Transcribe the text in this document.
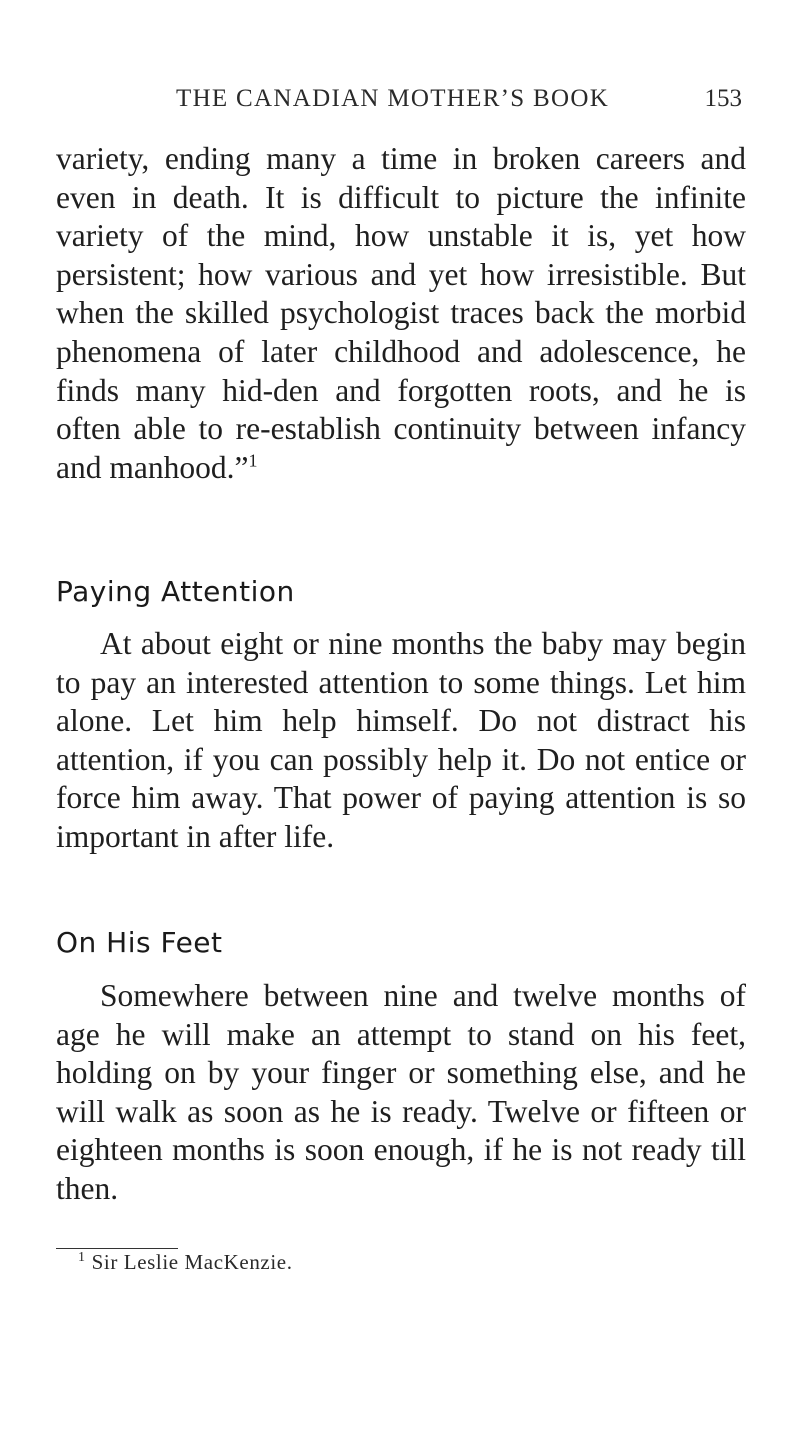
THE CANADIAN MOTHER’S BOOK	153

variety, ending many a time in broken careers and even in death. It is difficult to picture the infinite variety of the mind, how unstable it is, yet how persistent; how various and yet how irresistible. But when the skilled psychologist traces back the morbid phenomena of later childhood and adolescence, he finds many hid-den and forgotten roots, and he is often able to re-establish continuity between infancy and manhood.”$^1$

Paying Attention

At about eight or nine months the baby may begin to pay an interested attention to some things. Let him alone. Let him help himself. Do not distract his attention, if you can possibly help it. Do not entice or force him away. That power of paying attention is so important in after life.

On His Feet

Somewhere between nine and twelve months of age he will make an attempt to stand on his feet, holding on by your finger or something else, and he will walk as soon as he is ready. Twelve or fifteen or eighteen months is soon enough, if he is not ready till then.

$^1$ Sir Leslie MacKenzie.
